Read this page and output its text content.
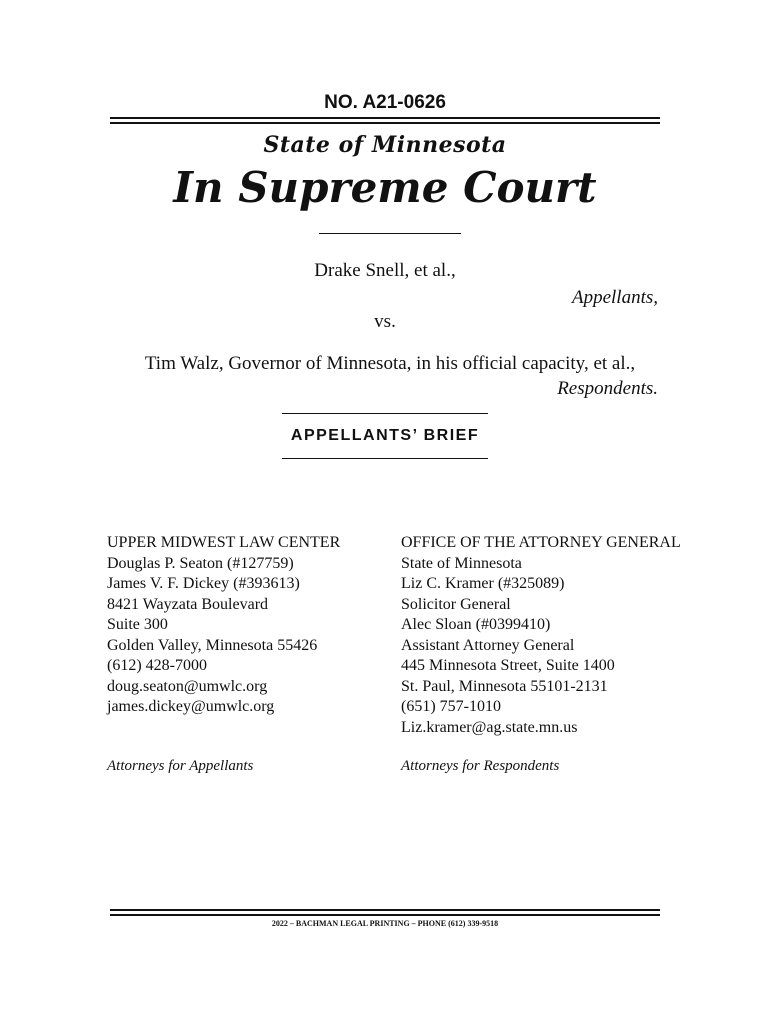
NO. A21-0626
State of Minnesota
In Supreme Court
Drake Snell, et al.,
Appellants,
vs.
Tim Walz, Governor of Minnesota, in his official capacity, et al.,
Respondents.
APPELLANTS’ BRIEF
UPPER MIDWEST LAW CENTER
Douglas P. Seaton (#127759)
James V. F. Dickey (#393613)
8421 Wayzata Boulevard
Suite 300
Golden Valley, Minnesota 55426
(612) 428-7000
doug.seaton@umwlc.org
james.dickey@umwlc.org
OFFICE OF THE ATTORNEY GENERAL
State of Minnesota
Liz C. Kramer (#325089)
Solicitor General
Alec Sloan (#0399410)
Assistant Attorney General
445 Minnesota Street, Suite 1400
St. Paul, Minnesota 55101-2131
(651) 757-1010
Liz.kramer@ag.state.mn.us
Attorneys for Appellants	Attorneys for Respondents
2022 – BACHMAN LEGAL PRINTING – PHONE (612) 339-9518
